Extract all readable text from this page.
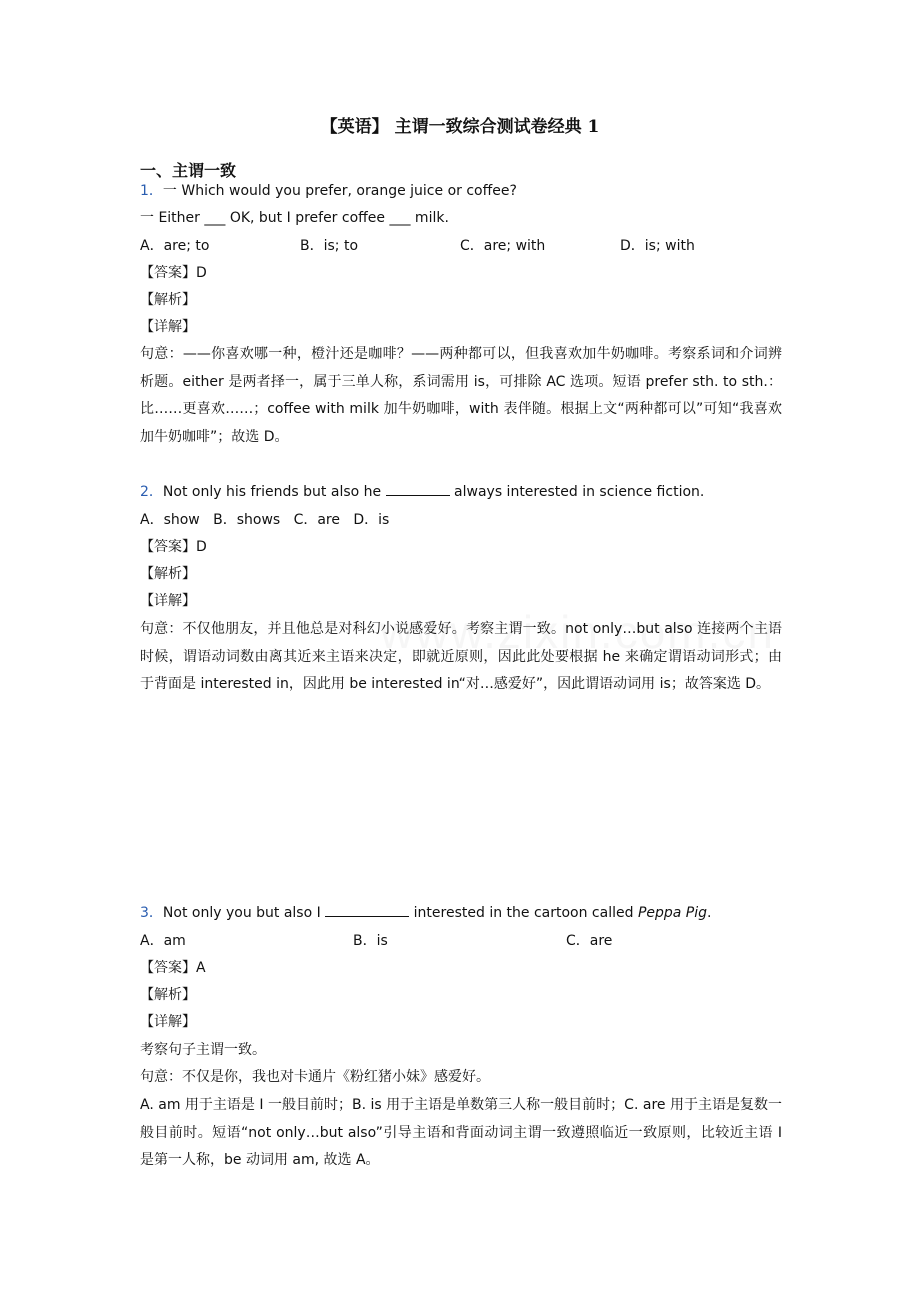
【英语】 主谓一致综合测试卷经典 1
一、主谓一致
1．一 Which would you prefer, orange juice or coffee?
一 Either ___ OK, but I prefer coffee ___ milk.
A．are; to	B．is; to	C．are; with	D．is; with
【答案】D
【解析】
【详解】
句意：——你喜欢哪一种，橙汁还是咖啡？——两种都可以，但我喜欢加牛奶咖啡。考察系词和介词辨析题。either 是两者择一，属于三单人称，系词需用 is，可排除 AC 选项。短语 prefer sth. to sth.：比……更喜欢……；coffee with milk 加牛奶咖啡，with 表伴随。根据上文“两种都可以”可知“我喜欢加牛奶咖啡”；故选 D。
2．Not only his friends but also he	always interested in science fiction.
A．show B．shows C．are D．is
【答案】D
【解析】
【详解】
句意：不仅他朋友，并且他总是对科幻小说感爱好。考察主谓一致。not only…but also 连接两个主语时候，谓语动词数由离其近来主语来决定，即就近原则，因此此处要根据 he 来确定谓语动词形式；由于背面是 interested in，因此用 be interested in“对…感爱好”，因此谓语动词用 is；故答案选 D。
3．Not only you but also I	interested in the cartoon called Peppa Pig.
A．am	B．is	C．are
【答案】A
【解析】
【详解】
考察句子主谓一致。
句意：不仅是你，我也对卡通片《粉红猪小妹》感爱好。
A. am 用于主语是 I 一般目前时；B. is 用于主语是单数第三人称一般目前时；C. are 用于主语是复数一般目前时。短语“not only…but also”引导主语和背面动词主谓一致遵照临近一致原则，比较近主语 I 是第一人称，be 动词用 am, 故选 A。
